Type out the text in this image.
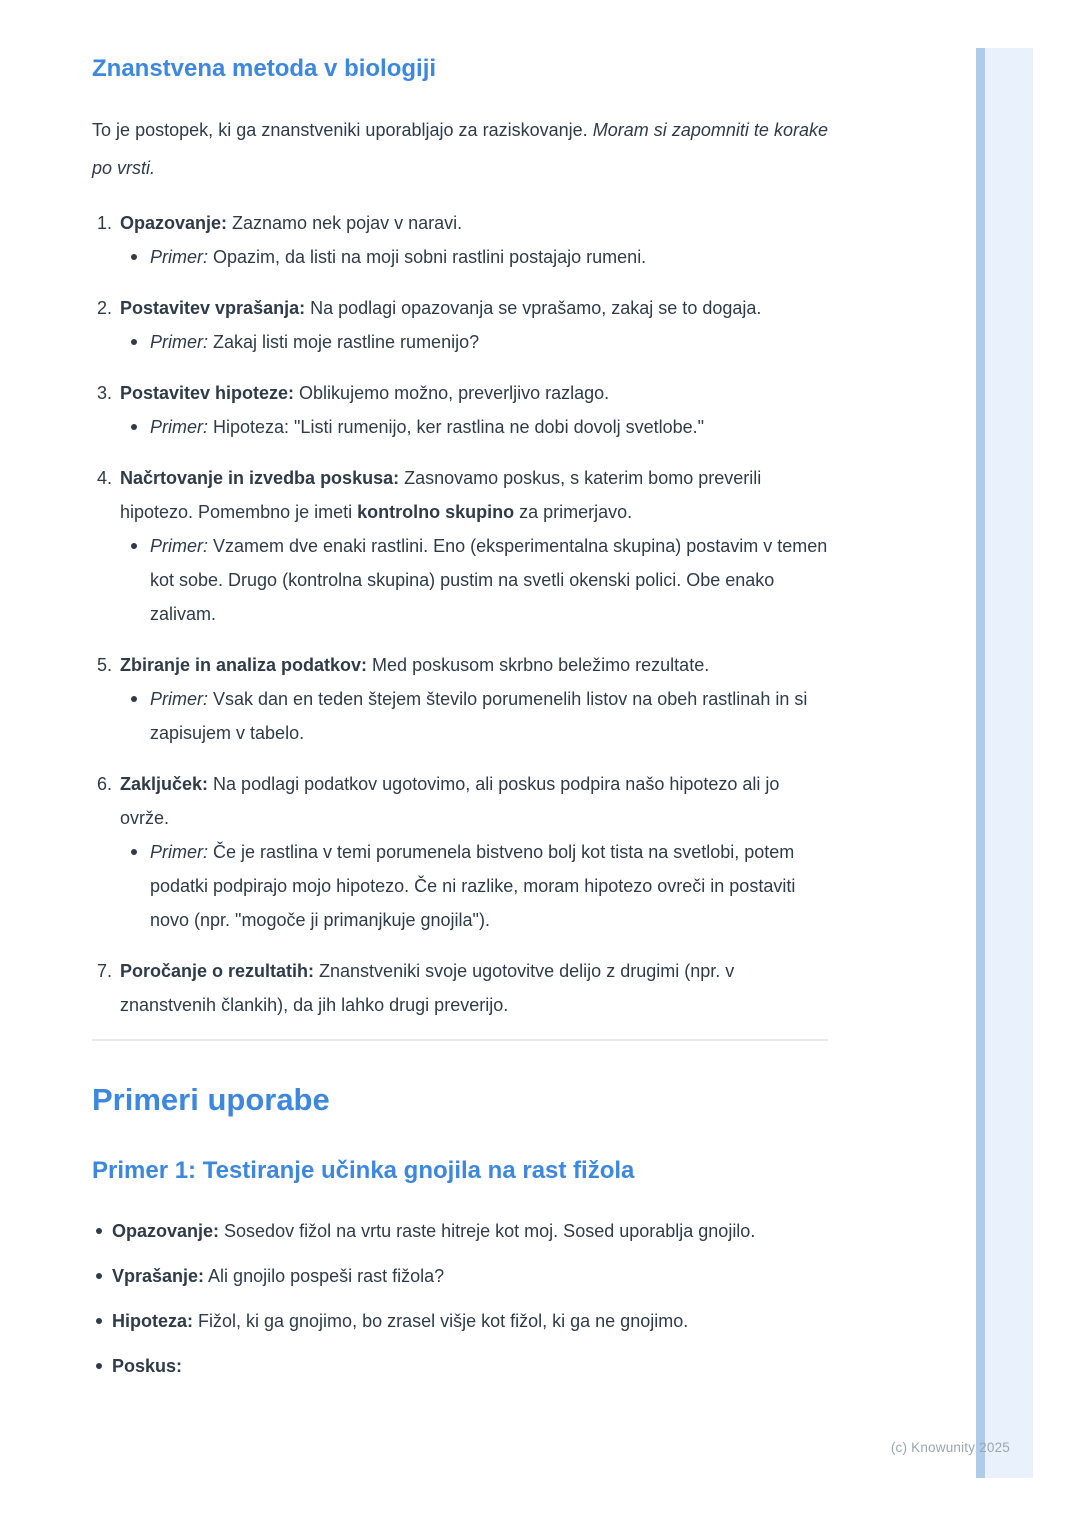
(c) Knowunity 2025
Znanstvena metoda v biologiji

To je postopek, ki ga znanstveniki uporabljajo za raziskovanje. Moram si zapomniti te korake po vrsti.

1. Opazovanje: Zaznamo nek pojav v naravi.

Primer: Opazim, da listi na moji sobni rastlini postajajo rumeni.

2. Postavitev vprašanja: Na podlagi opazovanja se vprašamo, zakaj se to dogaja.

Primer: Zakaj listi moje rastline rumenijo?

3. Postavitev hipoteze: Oblikujemo možno, preverljivo razlago.

Primer: Hipoteza: "Listi rumenijo, ker rastlina ne dobi dovolj svetlobe."

4. Načrtovanje in izvedba poskusa: Zasnovamo poskus, s katerim bomo preverili hipotezo. Pomembno je imeti kontrolno skupino za primerjavo.

Primer: Vzamem dve enaki rastlini. Eno (eksperimentalna skupina) postavim v temen kot sobe. Drugo (kontrolna skupina) pustim na svetli okenski polici. Obe enako zalivam.

5. Zbiranje in analiza podatkov: Med poskusom skrbno beležimo rezultate.

Primer: Vsak dan en teden štejem število porumenelih listov na obeh rastlinah in si zapisujem v tabelo.

6. Zaključek: Na podlagi podatkov ugotovimo, ali poskus podpira našo hipotezo ali jo ovrže.

Primer: Če je rastlina v temi porumenela bistveno bolj kot tista na svetlobi, potem podatki podpirajo mojo hipotezo. Če ni razlike, moram hipotezo ovreči in postaviti novo (npr. "mogoče ji primanjkuje gnojila").

7. Poročanje o rezultatih: Znanstveniki svoje ugotovitve delijo z drugimi (npr. v znanstvenih člankih), da jih lahko drugi preverijo.

Primeri uporabe
Primer 1: Testiranje učinka gnojila na rast fižola

Opazovanje: Sosedov fižol na vrtu raste hitreje kot moj. Sosed uporablja gnojilo.

Vprašanje: Ali gnojilo pospeši rast fižola?

Hipoteza: Fižol, ki ga gnojimo, bo zrasel višje kot fižol, ki ga ne gnojimo.

Poskus:
